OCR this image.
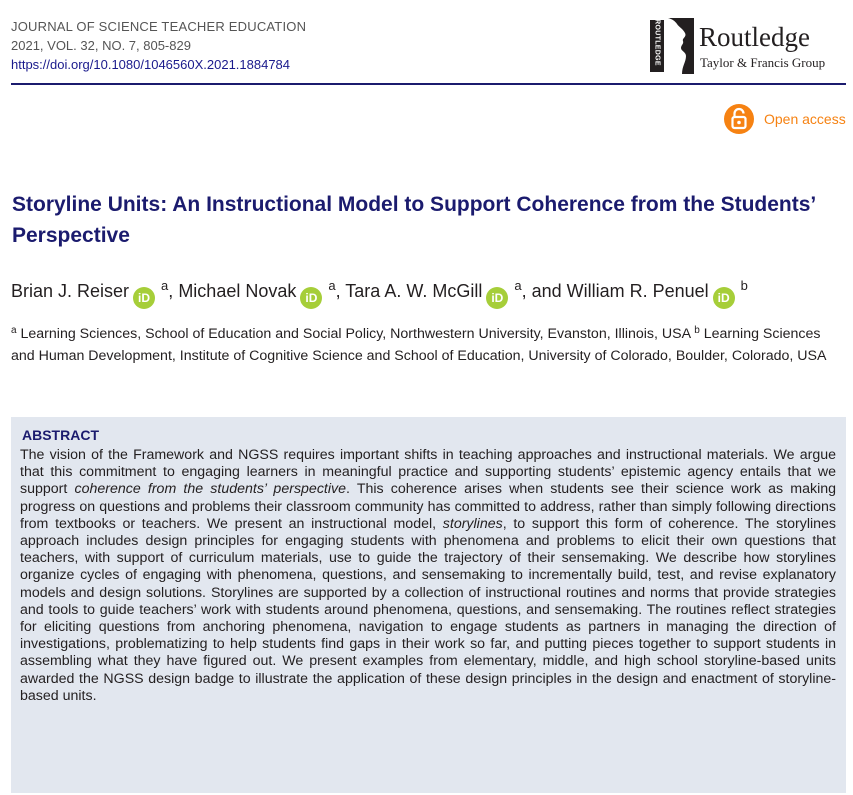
JOURNAL OF SCIENCE TEACHER EDUCATION
2021, VOL. 32, NO. 7, 805-829
https://doi.org/10.1080/1046560X.2021.1884784	ROUTLEDGE Routledge
Taylor & Francis Group
Open access
Storyline Units: An Instructional Model to Support Coherence from the Students’ Perspective
Brian J. Reiser iD$^a$, Michael Novak iD$^a$, Tara A. W. McGill iD$^a$, and William R. Penuel iD$^b$
$^a$ Learning Sciences, School of Education and Social Policy, Northwestern University, Evanston, Illinois, USA $^b$ Learning Sciences and Human Development, Institute of Cognitive Science and School of Education, University of Colorado, Boulder, Colorado, USA
ABSTRACT

The vision of the Framework and NGSS requires important shifts in teaching approaches and instructional materials. We argue that this commitment to engaging learners in meaningful practice and supporting students’ epistemic agency entails that we support coherence from the students’ perspective. This coherence arises when students see their science work as making progress on questions and problems their classroom community has committed to address, rather than simply following directions from textbooks or teachers. We present an instructional model, storylines, to support this form of coherence. The storylines approach includes design principles for engaging students with phenomena and problems to elicit their own questions that teachers, with support of curriculum materials, use to guide the trajectory of their sensemaking. We describe how storylines organize cycles of engaging with phenomena, questions, and sensemaking to incrementally build, test, and revise explanatory models and design solutions. Storylines are supported by a collection of instructional routines and norms that provide strategies and tools to guide teachers’ work with students around phenomena, questions, and sensemaking. The routines reflect strategies for eliciting questions from anchoring phenomena, navigation to engage students as partners in managing the direction of investigations, problematizing to help students find gaps in their work so far, and putting pieces together to support students in assembling what they have figured out. We present examples from elementary, middle, and high school storyline-based units awarded the NGSS design badge to illustrate the application of these design principles in the design and enactment of storyline-based units.
